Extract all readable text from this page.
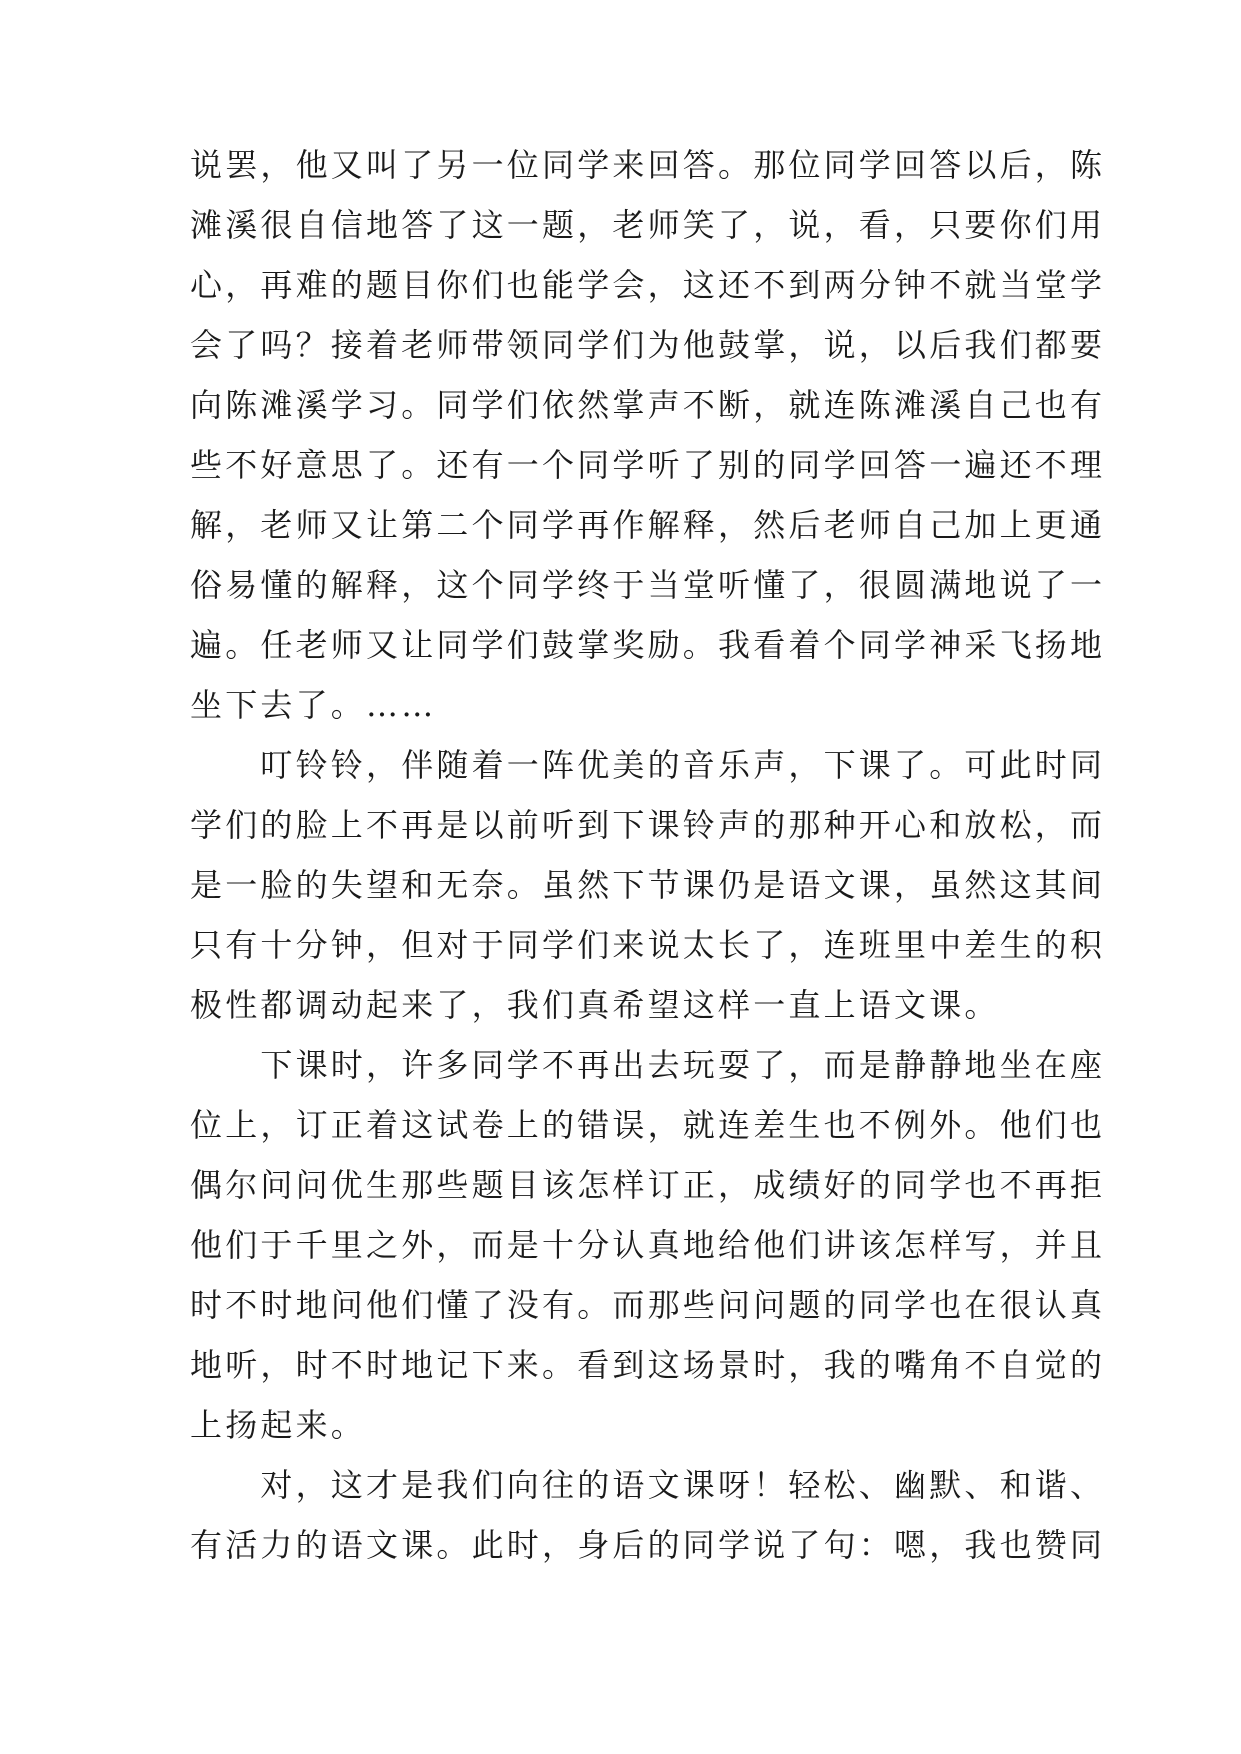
说罢，他又叫了另一位同学来回答。那位同学回答以后，陈
滩溪很自信地答了这一题，老师笑了，说，看，只要你们用
心，再难的题目你们也能学会，这还不到两分钟不就当堂学
会了吗？接着老师带领同学们为他鼓掌，说，以后我们都要
向陈滩溪学习。同学们依然掌声不断，就连陈滩溪自己也有
些不好意思了。还有一个同学听了别的同学回答一遍还不理
解，老师又让第二个同学再作解释，然后老师自己加上更通
俗易懂的解释，这个同学终于当堂听懂了，很圆满地说了一
遍。任老师又让同学们鼓掌奖励。我看着个同学神采飞扬地
坐下去了。……
　　叮铃铃，伴随着一阵优美的音乐声，下课了。可此时同
学们的脸上不再是以前听到下课铃声的那种开心和放松，而
是一脸的失望和无奈。虽然下节课仍是语文课，虽然这其间
只有十分钟，但对于同学们来说太长了，连班里中差生的积
极性都调动起来了，我们真希望这样一直上语文课。
　　下课时，许多同学不再出去玩耍了，而是静静地坐在座
位上，订正着这试卷上的错误，就连差生也不例外。他们也
偶尔问问优生那些题目该怎样订正，成绩好的同学也不再拒
他们于千里之外，而是十分认真地给他们讲该怎样写，并且
时不时地问他们懂了没有。而那些问问题的同学也在很认真
地听，时不时地记下来。看到这场景时，我的嘴角不自觉的
上扬起来。
　　对，这才是我们向往的语文课呀！轻松、幽默、和谐、
有活力的语文课。此时，身后的同学说了句：嗯，我也赞同
